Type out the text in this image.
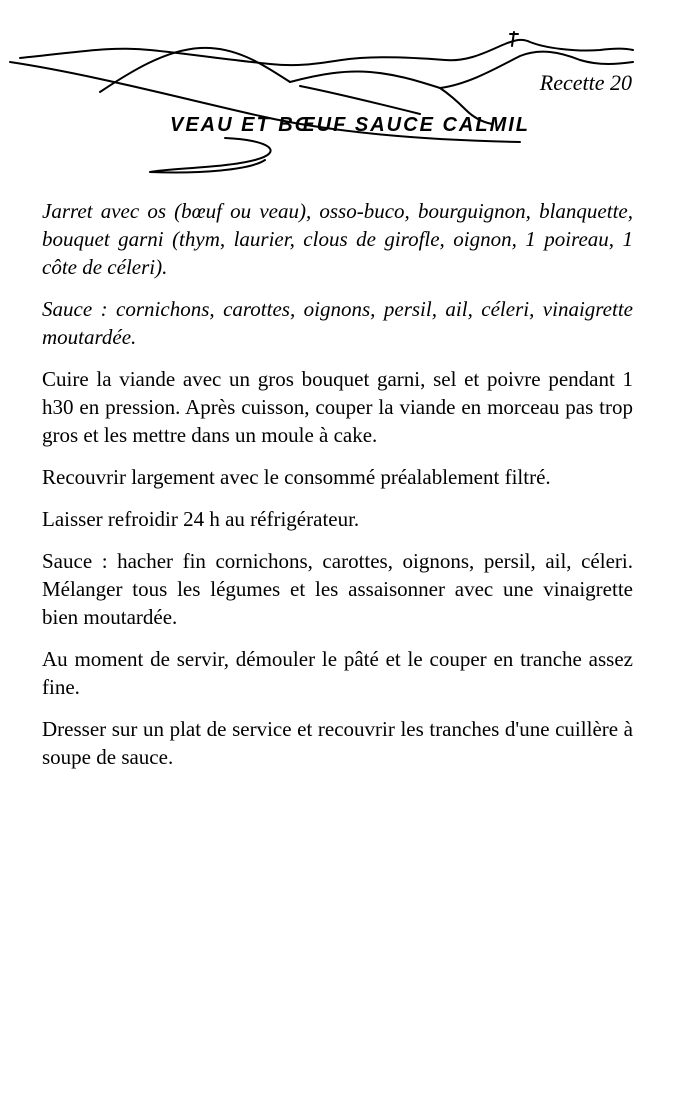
Recette 20
VEAU ET BŒUF SAUCE CALMIL

Jarret avec os (bœuf ou veau), osso-buco, bourguignon, blanquette, bouquet garni (thym, laurier, clous de girofle, oignon, 1 poireau, 1 côte de céleri).

Sauce : cornichons, carottes, oignons, persil, ail, céleri, vinaigrette moutardée.

Cuire la viande avec un gros bouquet garni, sel et poivre pendant 1 h30 en pression. Après cuisson, couper la viande en morceau pas trop gros et les mettre dans un moule à cake.

Recouvrir largement avec le consommé préalablement filtré.

Laisser refroidir 24 h au réfrigérateur.

Sauce : hacher fin cornichons, carottes, oignons, persil, ail, céleri. Mélanger tous les légumes et les assaisonner avec une vinaigrette bien moutardée.

Au moment de servir, démouler le pâté et le couper en tranche assez fine.

Dresser sur un plat de service et recouvrir les tranches d'une cuillère à soupe de sauce.
